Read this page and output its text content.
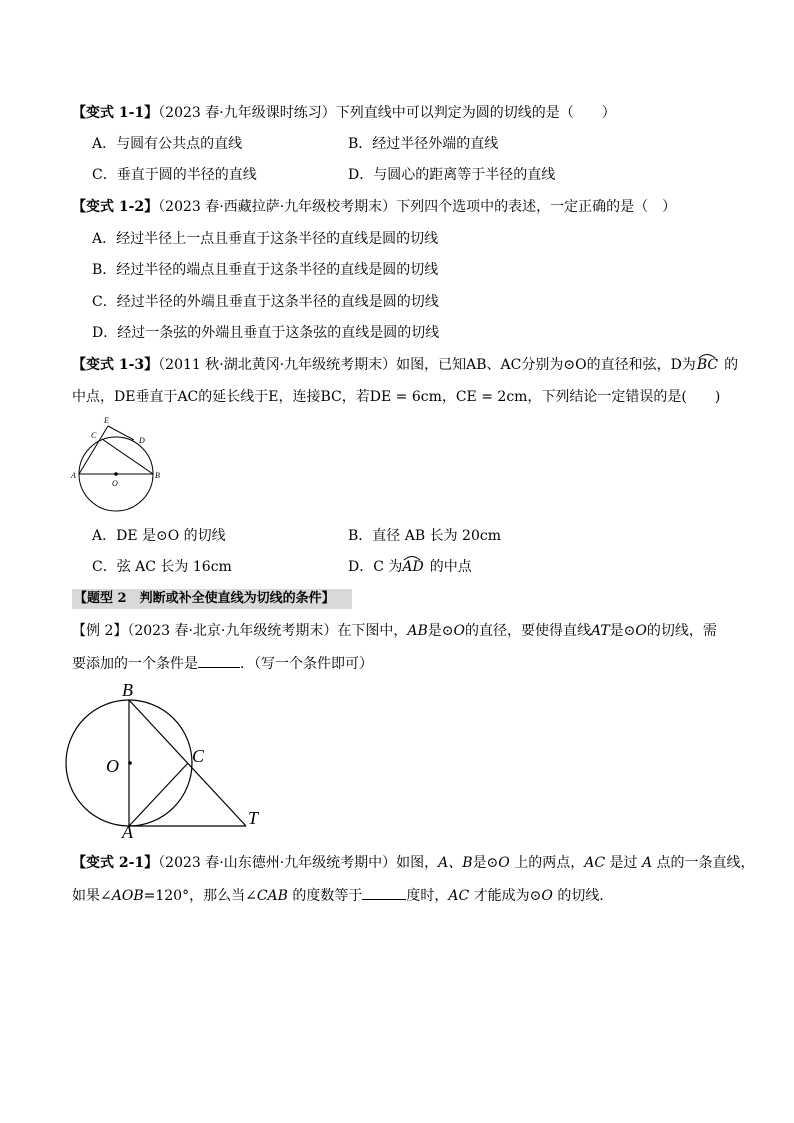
【变式 1-1】（2023 春·九年级课时练习）下列直线中可以判定为圆的切线的是（　　）
A．与圆有公共点的直线	B．经过半径外端的直线
C．垂直于圆的半径的直线	D．与圆心的距离等于半径的直线
【变式 1-2】（2023 春·西藏拉萨·九年级校考期末）下列四个选项中的表述，一定正确的是（　）
A．经过半径上一点且垂直于这条半径的直线是圆的切线
B．经过半径的端点且垂直于这条半径的直线是圆的切线
C．经过半径的外端且垂直于这条半径的直线是圆的切线
D．经过一条弦的外端且垂直于这条弦的直线是圆的切线
【变式 1-3】（2011 秋·湖北黄冈·九年级统考期末）如图，已知AB、AC分别为⊙O的直径和弦，D为BC 的
中点，DE垂直于AC的延长线于E，连接BC，若DE = 6cm，CE = 2cm，下列结论一定错误的是(　　)
E
C
D
A
O
B
A．DE 是⊙O 的切线	B．直径 AB 长为 20cm
C．弦 AC 长为 16cm	D．C 为AD 的中点
【题型 2　判断或补全使直线为切线的条件】
【例 2】（2023 春·北京·九年级统考期末）在下图中，AB是⊙O的直径，要使得直线AT是⊙O的切线，需
要添加的一个条件是	．（写一个条件即可）
B
O	C
A
T
【变式 2-1】（2023 春·山东德州·九年级统考期中）如图，A、B是⊙O 上的两点，AC 是过 A 点的一条直线，
如果∠AOB=120°，那么当∠CAB 的度数等于	度时，AC 才能成为⊙O 的切线．
